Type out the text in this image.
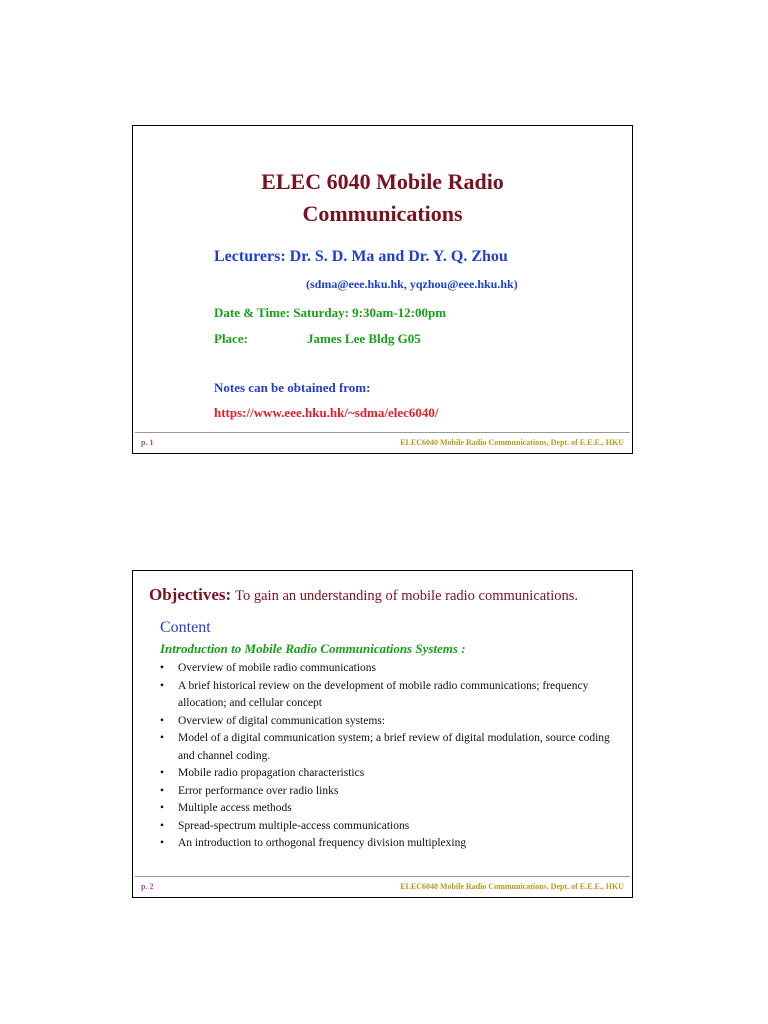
ELEC 6040 Mobile Radio
Communications
Lecturers: Dr. S. D. Ma and Dr. Y. Q. Zhou
(sdma@eee.hku.hk, yqzhou@eee.hku.hk)
Date & Time: Saturday: 9:30am-12:00pm
Place:	James Lee Bldg G05
Notes can be obtained from:
https://www.eee.hku.hk/~sdma/elec6040/
p. 1	ELEC6040 Mobile Radio Communications, Dept. of E.E.E., HKU
Objectives: To gain an understanding of mobile radio communications.
Content
Introduction to Mobile Radio Communications Systems :
• Overview of mobile radio communications
• A brief historical review on the development of mobile radio communications; frequency allocation; and cellular concept
• Overview of digital communication systems:
• Model of a digital communication system; a brief review of digital modulation, source coding and channel coding.
• Mobile radio propagation characteristics
• Error performance over radio links
• Multiple access methods
• Spread-spectrum multiple-access communications
• An introduction to orthogonal frequency division multiplexing
p. 2	ELEC6040 Mobile Radio Communications, Dept. of E.E.E., HKU
